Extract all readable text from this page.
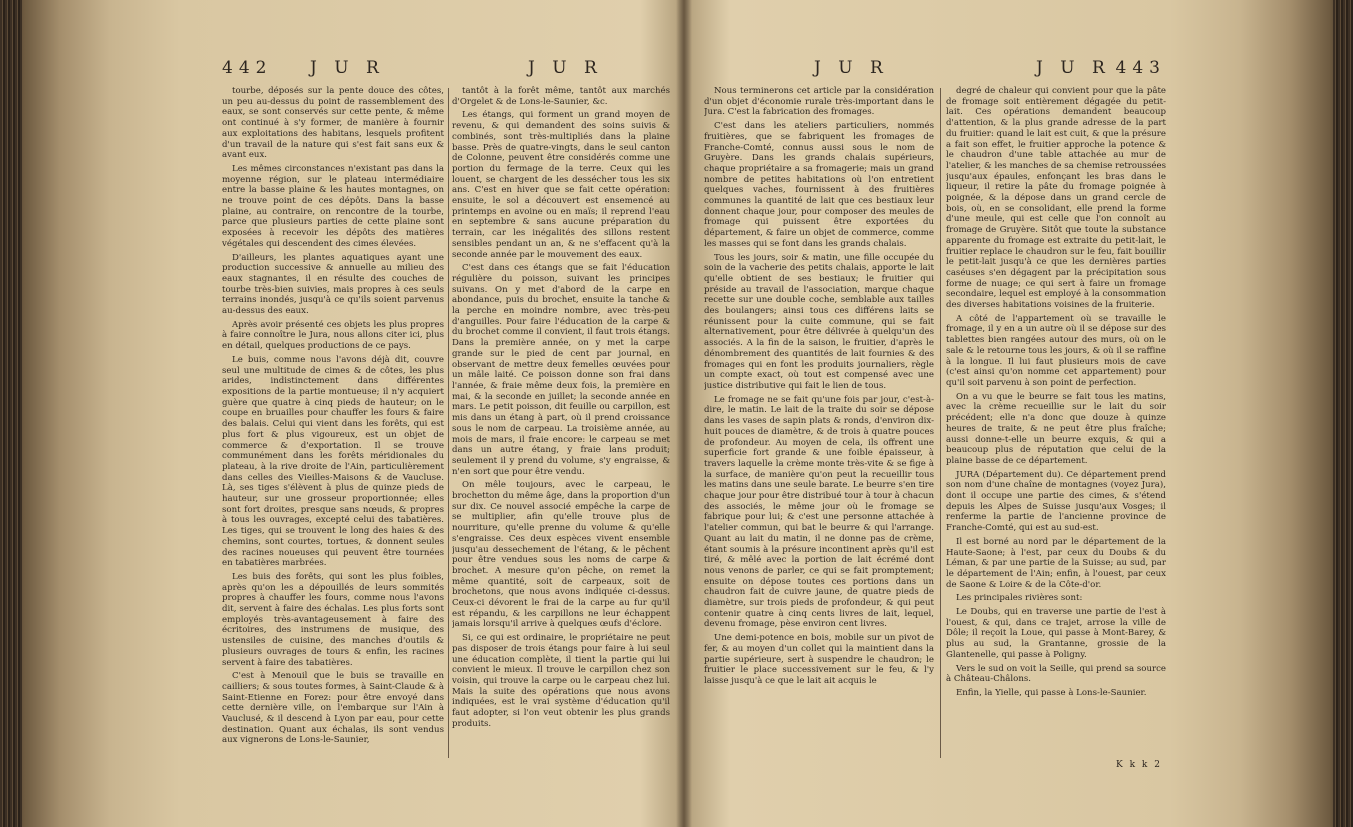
442 J U R	J U R

tourbe, déposés sur la pente douce des côtes, un peu au-dessus du point de rassemblement des eaux, se sont conservés sur cette pente, & même ont continué à s'y former, de manière à fournir aux exploitations des habitans, lesquels profitent d'un travail de la nature qui s'est fait sans eux & avant eux.

Les mêmes circonstances n'existant pas dans la moyenne région, sur le plateau intermédiaire entre la basse plaine & les hautes montagnes, on ne trouve point de ces dépôts. Dans la basse plaine, au contraire, on rencontre de la tourbe, parce que plusieurs parties de cette plaine sont exposées à recevoir les dépôts des matières végétales qui descendent des cimes élevées.

D'ailleurs, les plantes aquatiques ayant une production successive & annuelle au milieu des eaux stagnantes, il en résulte des couches de tourbe très-bien suivies, mais propres à ces seuls terrains inondés, jusqu'à ce qu'ils soient parvenus au-dessus des eaux.

Après avoir présenté ces objets les plus propres à faire connoître le Jura, nous allons citer ici, plus en détail, quelques productions de ce pays.

Le buis, comme nous l'avons déjà dit, couvre seul une multitude de cimes & de côtes, les plus arides, indistinctement dans différentes expositions de la partie montueuse; il n'y acquiert guère que quatre à cinq pieds de hauteur; on le coupe en bruailles pour chauffer les fours & faire des balais. Celui qui vient dans les forêts, qui est plus fort & plus vigoureux, est un objet de commerce & d'exportation. Il se trouve communément dans les forêts méridionales du plateau, à la rive droite de l'Ain, particulièrement dans celles des Vieilles-Maisons & de Vaucluse. Là, ses tiges s'élèvent à plus de quinze pieds de hauteur, sur une grosseur proportionnée; elles sont fort droites, presque sans nœuds, & propres à tous les ouvrages, excepté celui des tabatières. Les tiges, qui se trouvent le long des haies & des chemins, sont courtes, tortues, & donnent seules des racines noueuses qui peuvent être tournées en tabatières marbrées.

Les buis des forêts, qui sont les plus foibles, après qu'on les a dépouillés de leurs sommités propres à chauffer les fours, comme nous l'avons dit, servent à faire des échalas. Les plus forts sont employés très-avantageusement à faire des écritoires, des instrumens de musique, des ustensiles de cuisine, des manches d'outils & plusieurs ouvrages de tours & enfin, les racines servent à faire des tabatières.

C'est à Menouil que le buis se travaille en cailliers; & sous toutes formes, à Saint-Claude & à Saint-Etienne en Forez: pour être envoyé dans cette dernière ville, on l'embarque sur l'Ain à Vauclusé, & il descend à Lyon par eau, pour cette destination. Quant aux échalas, ils sont vendus aux vignerons de Lons-le-Saunier,

tantôt à la forêt même, tantôt aux marchés d'Orgelet & de Lons-le-Saunier, &c.

Les étangs, qui forment un grand moyen de revenu, & qui demandent des soins suivis & combinés, sont très-multipliés dans la plaine basse. Près de quatre-vingts, dans le seul canton de Colonne, peuvent être considérés comme une portion du fermage de la terre. Ceux qui les louent, se chargent de les dessécher tous les six ans. C'est en hiver que se fait cette opération: ensuite, le sol a découvert est ensemencé au printemps en avoine ou en maïs; il reprend l'eau en septembre & sans aucune préparation du terrain, car les inégalités des sillons restent sensibles pendant un an, & ne s'effacent qu'à la seconde année par le mouvement des eaux.

C'est dans ces étangs que se fait l'éducation régulière du poisson, suivant les principes suivans. On y met d'abord de la carpe en abondance, puis du brochet, ensuite la tanche & la perche en moindre nombre, avec très-peu d'anguilles. Pour faire l'éducation de la carpe & du brochet comme il convient, il faut trois étangs. Dans la première année, on y met la carpe grande sur le pied de cent par journal, en observant de mettre deux femelles œuvées pour un mâle laité. Ce poisson donne son frai dans l'année, & fraie même deux fois, la première en mai, & la seconde en juillet; la seconde année en mars. Le petit poisson, dit feuille ou carpillon, est mis dans un étang à part, où il prend croissance sous le nom de carpeau. La troisième année, au mois de mars, il fraie encore: le carpeau se met dans un autre étang, y fraie lans produit; seulement il y prend du volume, s'y engraisse, & n'en sort que pour être vendu.

On mêle toujours, avec le carpeau, le brochetton du même âge, dans la proportion d'un sur dix. Ce nouvel associé empêche la carpe de se multiplier, afin qu'elle trouve plus de nourriture, qu'elle prenne du volume & qu'elle s'engraisse. Ces deux espèces vivent ensemble jusqu'au dessechement de l'étang, & le pêchent pour être vendues sous les noms de carpe & brochet. A mesure qu'on pêche, on remet la même quantité, soit de carpeaux, soit de brochetons, que nous avons indiquée ci-dessus. Ceux-ci dévorent le frai de la carpe au fur qu'il est répandu, & les carpillons ne leur échappent jamais lorsqu'il arrive à quelques œufs d'éclore.

Si, ce qui est ordinaire, le propriétaire ne peut pas disposer de trois étangs pour faire à lui seul une éducation complète, il tient la partie qui lui convient le mieux. Il trouve le carpillon chez son voisin, qui trouve la carpe ou le carpeau chez lui. Mais la suite des opérations que nous avons indiquées, est le vrai système d'éducation qu'il faut adopter, si l'on veut obtenir les plus grands produits.

J U R	J U R 443

Nous terminerons cet article par la considération d'un objet d'économie rurale très-important dans le Jura. C'est la fabrication des fromages.

C'est dans les ateliers particuliers, nommés fruitières, que se fabriquent les fromages de Franche-Comté, connus aussi sous le nom de Gruyère. Dans les grands chalais supérieurs, chaque propriétaire a sa fromagerie; mais un grand nombre de petites habitations où l'on entretient quelques vaches, fournissent à des fruitières communes la quantité de lait que ces bestiaux leur donnent chaque jour, pour composer des meules de fromage qui puissent être exportées du département, & faire un objet de commerce, comme les masses qui se font dans les grands chalais.

Tous les jours, soir & matin, une fille occupée du soin de la vacherie des petits chalais, apporte le lait qu'elle obtient de ses bestiaux; le fruitier qui préside au travail de l'association, marque chaque recette sur une double coche, semblable aux tailles des boulangers; ainsi tous ces différens laits se réunissent pour la cuite commune, qui se fait alternativement, pour être délivrée à quelqu'un des associés. A la fin de la saison, le fruitier, d'après le dénombrement des quantités de lait fournies & des fromages qui en font les produits journaliers, règle un compte exact, où tout est compensé avec une justice distributive qui fait le lien de tous.

Le fromage ne se fait qu'une fois par jour, c'est-à-dire, le matin. Le lait de la traite du soir se dépose dans les vases de sapin plats & ronds, d'environ dix-huit pouces de diamètre, & de trois à quatre pouces de profondeur. Au moyen de cela, ils offrent une superficie fort grande & une foible épaisseur, à travers laquelle la crème monte très-vite & se fige à la surface, de manière qu'on peut la recueillir tous les matins dans une seule barate. Le beurre s'en tire chaque jour pour être distribué tour à tour à chacun des associés, le même jour où le fromage se fabrique pour lui; & c'est une personne attachée à l'atelier commun, qui bat le beurre & qui l'arrange. Quant au lait du matin, il ne donne pas de crème, étant soumis à la présure incontinent après qu'il est tiré, & mêlé avec la portion de lait écrémé dont nous venons de parler, ce qui se fait promptement; ensuite on dépose toutes ces portions dans un chaudron fait de cuivre jaune, de quatre pieds de diamètre, sur trois pieds de profondeur, & qui peut contenir quatre à cinq cents livres de lait, lequel, devenu fromage, pèse environ cent livres.

Une demi-potence en bois, mobile sur un pivot de fer, & au moyen d'un collet qui la maintient dans la partie supérieure, sert à suspendre le chaudron; le fruitier le place successivement sur le feu, & l'y laisse jusqu'à ce que le lait ait acquis le

degré de chaleur qui convient pour que la pâte de fromage soit entièrement dégagée du petit-lait. Ces opérations demandent beaucoup d'attention, & la plus grande adresse de la part du fruitier: quand le lait est cuit, & que la présure a fait son effet, le fruitier approche la potence & le chaudron d'une table attachée au mur de l'atelier, & les manches de sa chemise retroussées jusqu'aux épaules, enfonçant les bras dans le liqueur, il retire la pâte du fromage poignée à poignée, & la dépose dans un grand cercle de bois, où, en se consolidant, elle prend la forme d'une meule, qui est celle que l'on connoît au fromage de Gruyère. Sitôt que toute la substance apparente du fromage est extraite du petit-lait, le fruitier replace le chaudron sur le feu, fait bouillir le petit-lait jusqu'à ce que les dernières parties caséuses s'en dégagent par la précipitation sous forme de nuage; ce qui sert à faire un fromage secondaire, lequel est employé à la consommation des diverses habitations voisines de la fruiterie.

A côté de l'appartement où se travaille le fromage, il y en a un autre où il se dépose sur des tablettes bien rangées autour des murs, où on le sale & le retourne tous les jours, & où il se raffine à la longue. Il lui faut plusieurs mois de cave (c'est ainsi qu'on nomme cet appartement) pour qu'il soit parvenu à son point de perfection.

On a vu que le beurre se fait tous les matins, avec la crème recueillie sur le lait du soir précédent; elle n'a donc que douze à quinze heures de traite, & ne peut être plus fraîche; aussi donne-t-elle un beurre exquis, & qui a beaucoup plus de réputation que celui de la plaine basse de ce département.

JURA (Département du). Ce département prend son nom d'une chaîne de montagnes (voyez Jura), dont il occupe une partie des cimes, & s'étend depuis les Alpes de Suisse jusqu'aux Vosges; il renferme la partie de l'ancienne province de Franche-Comté, qui est au sud-est.

Il est borné au nord par le département de la Haute-Saone; à l'est, par ceux du Doubs & du Léman, & par une partie de la Suisse; au sud, par le département de l'Ain; enfin, à l'ouest, par ceux de Saone & Loire & de la Côte-d'or.

Les principales rivières sont:

Le Doubs, qui en traverse une partie de l'est à l'ouest, & qui, dans ce trajet, arrose la ville de Dôle; il reçoit la Loue, qui passe à Mont-Barey, & plus au sud, la Grantanne, grossie de la Glantenelle, qui passe à Poligny.

Vers le sud on voit la Seille, qui prend sa source à Château-Châlons.

Enfin, la Yielle, qui passe à Lons-le-Saunier.

K k k 2
